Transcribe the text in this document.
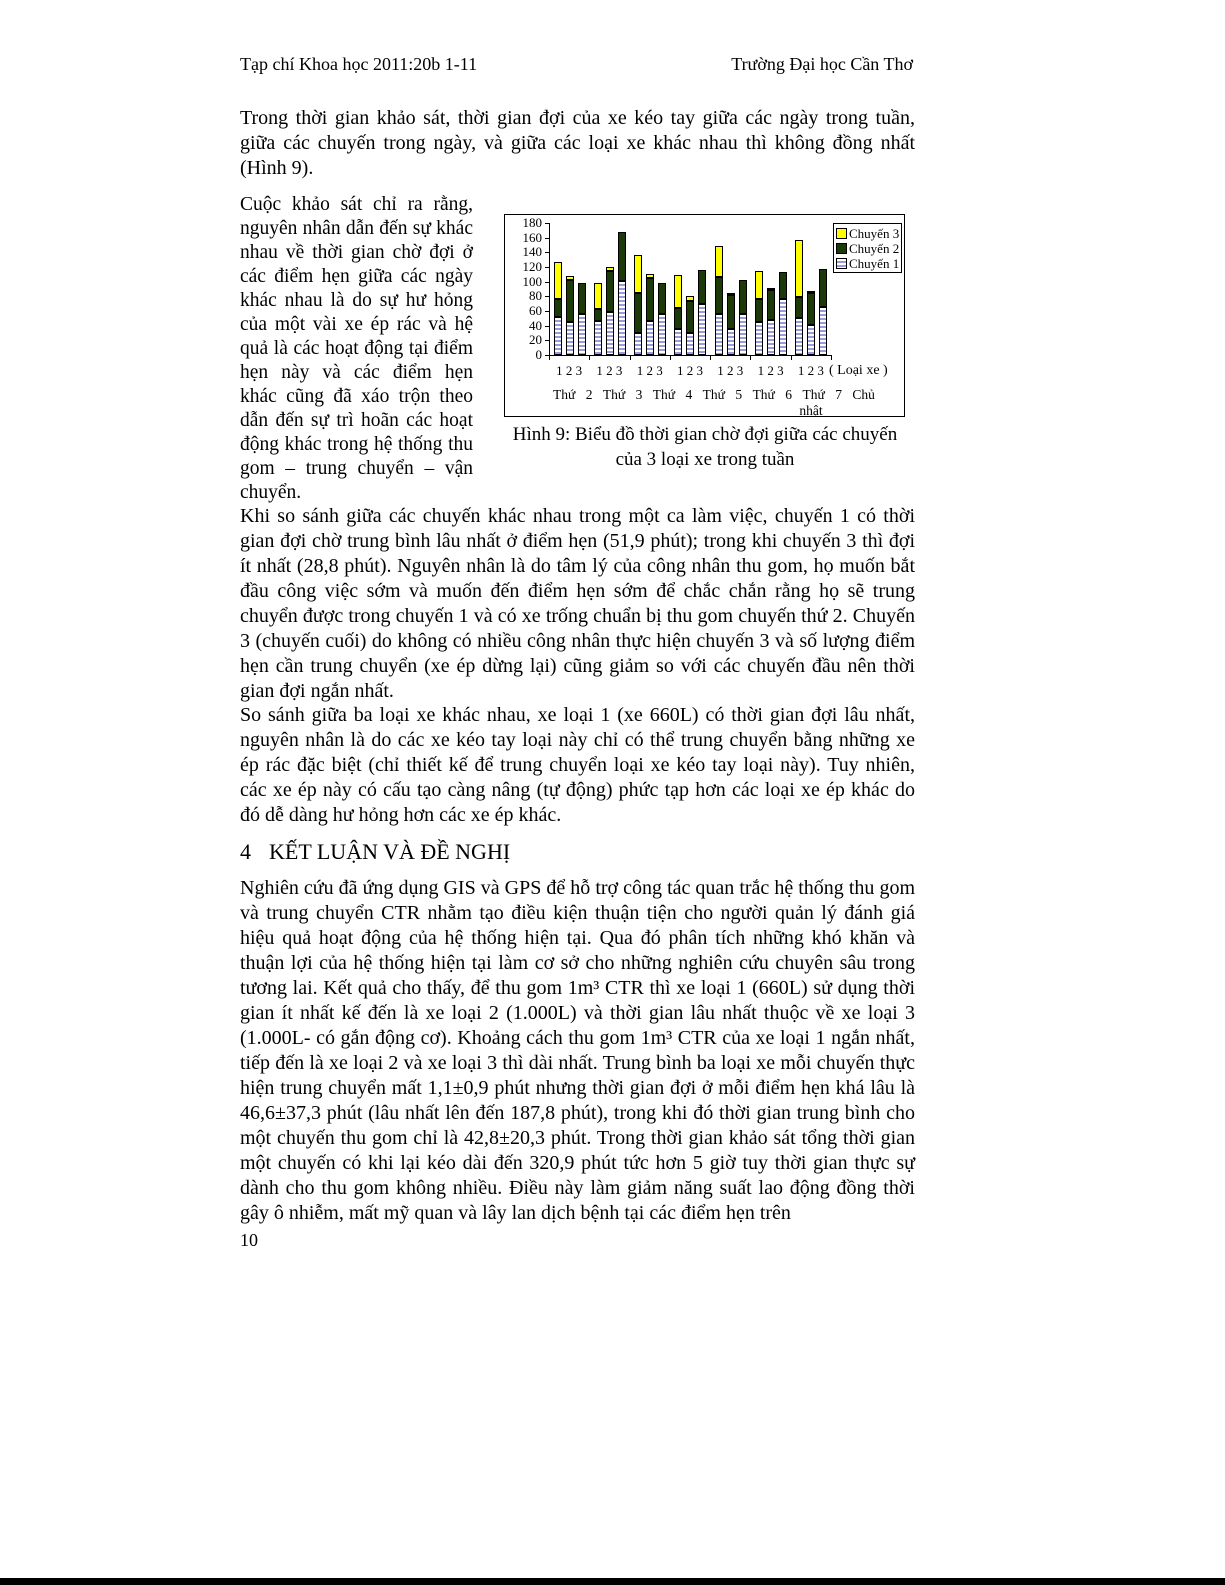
Tạp chí Khoa học 2011:20b 1-11	Trường Đại học Cần Thơ
Trong thời gian khảo sát, thời gian đợi của xe kéo tay giữa các ngày trong tuần, giữa các chuyến trong ngày, và giữa các loại xe khác nhau thì không đồng nhất (Hình 9).
Cuộc khảo sát chỉ ra rằng, nguyên nhân dẫn đến sự khác nhau về thời gian chờ đợi ở các điểm hẹn giữa các ngày khác nhau là do sự hư hỏng của một vài xe ép rác và hệ quả là các hoạt động tại điểm hẹn này và các điểm hẹn khác cũng đã xáo trộn theo dẫn đến sự trì hoãn các hoạt động khác trong hệ thống thu gom – trung chuyển – vận chuyển.
Chuyến 3
Chuyến 2
Chuyến 1
0
20
40
60
80
100
120
140
160
180
1 2 3	1 2 3	1 2 3	1 2 3	1 2 3	1 2 3	1 2 3 ( Loại xe )
Thứ 2 Thứ 3 Thứ 4 Thứ 5 Thứ 6 Thứ 7 Chủ
nhật
Hình 9: Biểu đồ thời gian chờ đợi giữa các chuyến
của 3 loại xe trong tuần
Khi so sánh giữa các chuyến khác nhau trong một ca làm việc, chuyến 1 có thời gian đợi chờ trung bình lâu nhất ở điểm hẹn (51,9 phút); trong khi chuyến 3 thì đợi ít nhất (28,8 phút). Nguyên nhân là do tâm lý của công nhân thu gom, họ muốn bắt đầu công việc sớm và muốn đến điểm hẹn sớm để chắc chắn rằng họ sẽ trung chuyển được trong chuyến 1 và có xe trống chuẩn bị thu gom chuyến thứ 2. Chuyến 3 (chuyến cuối) do không có nhiều công nhân thực hiện chuyến 3 và số lượng điểm hẹn cần trung chuyển (xe ép dừng lại) cũng giảm so với các chuyến đầu nên thời gian đợi ngắn nhất.
So sánh giữa ba loại xe khác nhau, xe loại 1 (xe 660L) có thời gian đợi lâu nhất, nguyên nhân là do các xe kéo tay loại này chỉ có thể trung chuyển bằng những xe ép rác đặc biệt (chỉ thiết kế để trung chuyển loại xe kéo tay loại này). Tuy nhiên, các xe ép này có cấu tạo càng nâng (tự động) phức tạp hơn các loại xe ép khác do đó dễ dàng hư hỏng hơn các xe ép khác.
4 KẾT LUẬN VÀ ĐỀ NGHỊ
Nghiên cứu đã ứng dụng GIS và GPS để hỗ trợ công tác quan trắc hệ thống thu gom và trung chuyển CTR nhằm tạo điều kiện thuận tiện cho người quản lý đánh giá hiệu quả hoạt động của hệ thống hiện tại. Qua đó phân tích những khó khăn và thuận lợi của hệ thống hiện tại làm cơ sở cho những nghiên cứu chuyên sâu trong tương lai. Kết quả cho thấy, để thu gom 1m³ CTR thì xe loại 1 (660L) sử dụng thời gian ít nhất kế đến là xe loại 2 (1.000L) và thời gian lâu nhất thuộc về xe loại 3 (1.000L- có gắn động cơ). Khoảng cách thu gom 1m³ CTR của xe loại 1 ngắn nhất, tiếp đến là xe loại 2 và xe loại 3 thì dài nhất. Trung bình ba loại xe mỗi chuyến thực hiện trung chuyển mất 1,1±0,9 phút nhưng thời gian đợi ở mỗi điểm hẹn khá lâu là 46,6±37,3 phút (lâu nhất lên đến 187,8 phút), trong khi đó thời gian trung bình cho một chuyến thu gom chỉ là 42,8±20,3 phút. Trong thời gian khảo sát tổng thời gian một chuyến có khi lại kéo dài đến 320,9 phút tức hơn 5 giờ tuy thời gian thực sự dành cho thu gom không nhiều. Điều này làm giảm năng suất lao động đồng thời gây ô nhiễm, mất mỹ quan và lây lan dịch bệnh tại các điểm hẹn trên
10
